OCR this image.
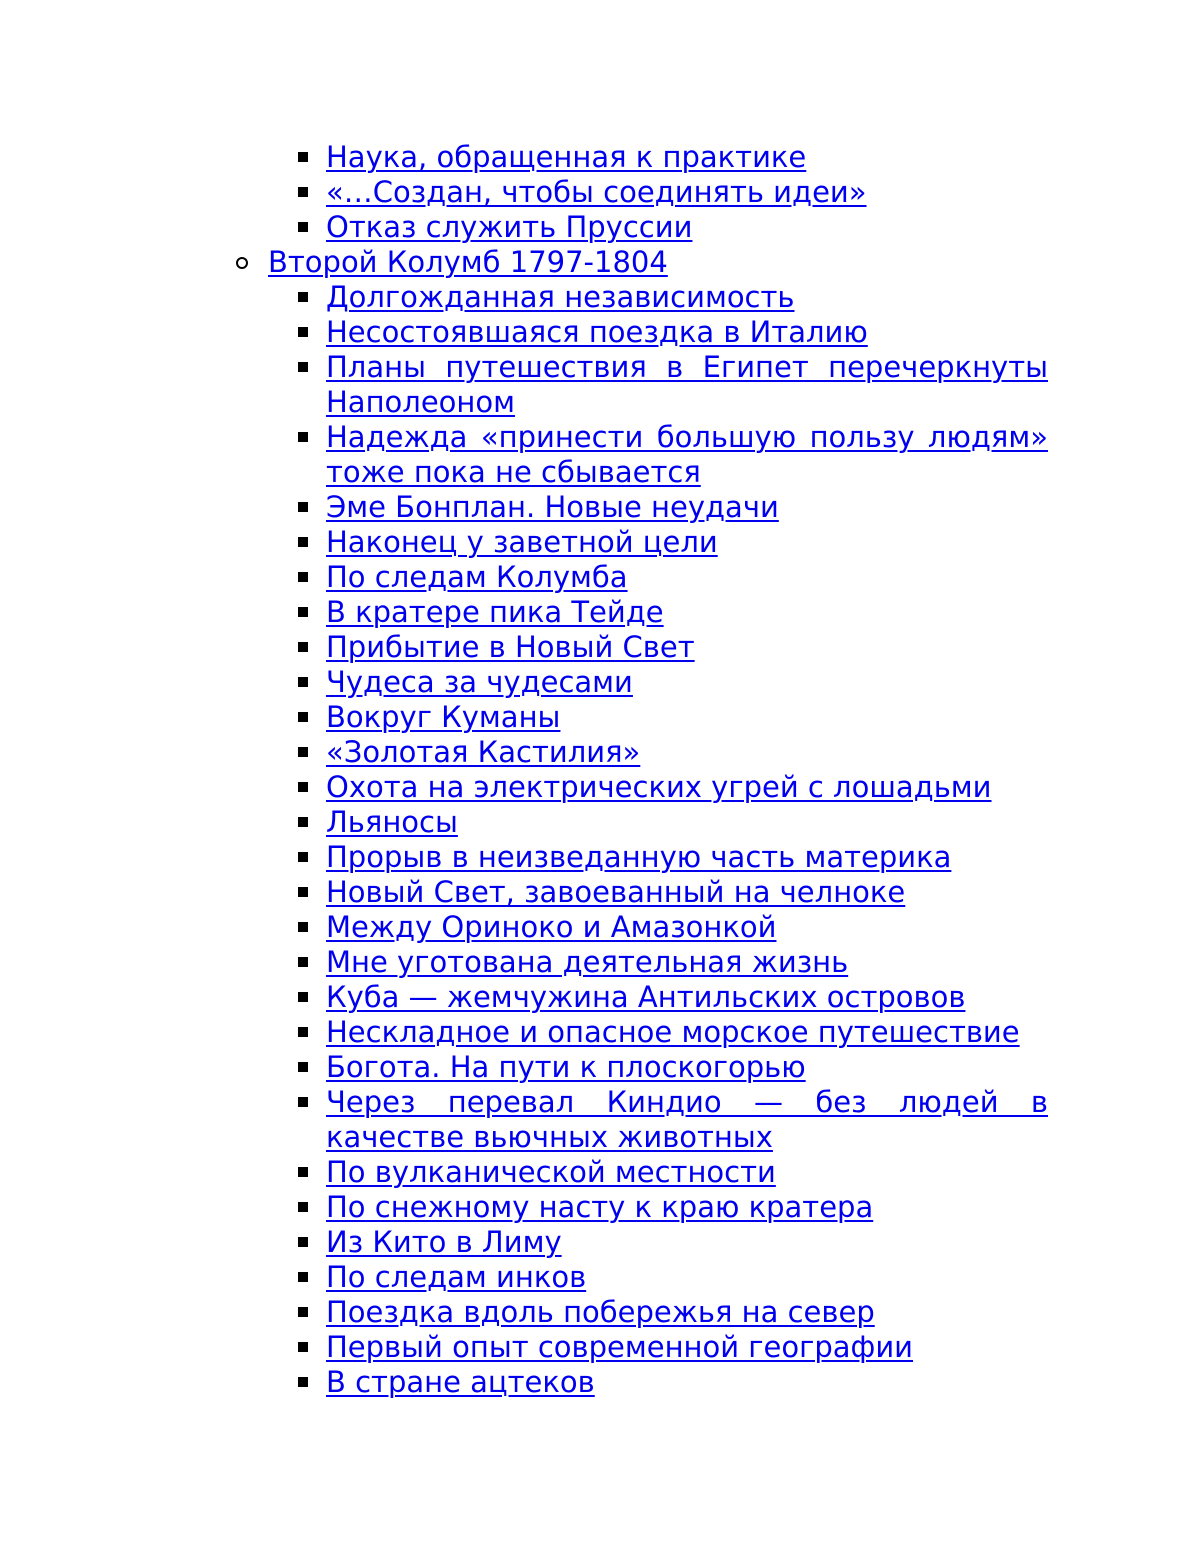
Наука, обращенная к практике
«…Создан, чтобы соединять идеи»
Отказ служить Пруссии
Второй Колумб 1797-1804
Долгожданная независимость
Несостоявшаяся поездка в Италию
Планы путешествия в Египет перечеркнуты Наполеоном
Надежда «принести большую пользу людям» тоже пока не сбывается
Эме Бонплан. Новые неудачи
Наконец у заветной цели
По следам Колумба
В кратере пика Тейде
Прибытие в Новый Свет
Чудеса за чудесами
Вокруг Куманы
«Золотая Кастилия»
Охота на электрических угрей с лошадьми
Льяносы
Прорыв в неизведанную часть материка
Новый Свет, завоеванный на челноке
Между Ориноко и Амазонкой
Мне уготована деятельная жизнь
Куба — жемчужина Антильских островов
Нескладное и опасное морское путешествие
Богота. На пути к плоскогорью
Через перевал Киндио — без людей в качестве вьючных животных
По вулканической местности
По снежному насту к краю кратера
Из Кито в Лиму
По следам инков
Поездка вдоль побережья на север
Первый опыт современной географии
В стране ацтеков
